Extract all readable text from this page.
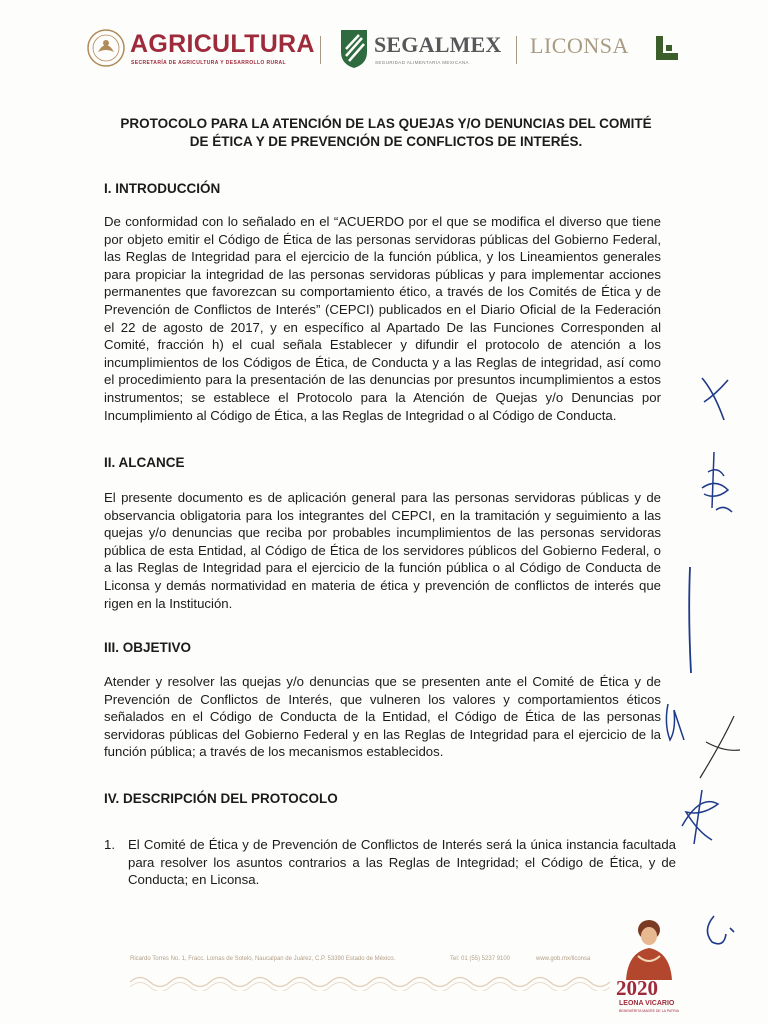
AGRICULTURA
SECRETARÍA DE AGRICULTURA Y DESARROLLO RURAL
SEGALMEX
SEGURIDAD ALIMENTARIA MEXICANA
LICONSA
PROTOCOLO PARA LA ATENCIÓN DE LAS QUEJAS Y/O DENUNCIAS DEL COMITÉ
DE ÉTICA Y DE PREVENCIÓN DE CONFLICTOS DE INTERÉS.
I. INTRODUCCIÓN
De conformidad con lo señalado en el “ACUERDO por el que se modifica el diverso que tiene por objeto emitir el Código de Ética de las personas servidoras públicas del Gobierno Federal, las Reglas de Integridad para el ejercicio de la función pública, y los Lineamientos generales para propiciar la integridad de las personas servidoras públicas y para implementar acciones permanentes que favorezcan su comportamiento ético, a través de los Comités de Ética y de Prevención de Conflictos de Interés” (CEPCI) publicados en el Diario Oficial de la Federación el 22 de agosto de 2017, y en específico al Apartado De las Funciones Corresponden al Comité, fracción h) el cual señala Establecer y difundir el protocolo de atención a los incumplimientos de los Códigos de Ética, de Conducta y a las Reglas de integridad, así como el procedimiento para la presentación de las denuncias por presuntos incumplimientos a estos instrumentos; se establece el Protocolo para la Atención de Quejas y/o Denuncias por Incumplimiento al Código de Ética, a las Reglas de Integridad o al Código de Conducta.
II. ALCANCE
El presente documento es de aplicación general para las personas servidoras públicas y de observancia obligatoria para los integrantes del CEPCI, en la tramitación y seguimiento a las quejas y/o denuncias que reciba por probables incumplimientos de las personas servidoras pública de esta Entidad, al Código de Ética de los servidores públicos del Gobierno Federal, o a las Reglas de Integridad para el ejercicio de la función pública o al Código de Conducta de Liconsa y demás normatividad en materia de ética y prevención de conflictos de interés que rigen en la Institución.
III. OBJETIVO
Atender y resolver las quejas y/o denuncias que se presenten ante el Comité de Ética y de Prevención de Conflictos de Interés, que vulneren los valores y comportamientos éticos señalados en el Código de Conducta de la Entidad, el Código de Ética de las personas servidoras públicas del Gobierno Federal y en las Reglas de Integridad para el ejercicio de la función pública; a través de los mecanismos establecidos.
IV. DESCRIPCIÓN DEL PROTOCOLO
1. El Comité de Ética y de Prevención de Conflictos de Interés será la única instancia facultada para resolver los asuntos contrarios a las Reglas de Integridad; el Código de Ética, y de Conducta; en Liconsa.
Ricardo Torres No. 1, Fracc. Lomas de Sotelo, Naucalpan de Juárez, C.P. 53390 Estado de México.	Tel: 01 (55) 5237 9100	www.gob.mx/liconsa
2020
LEONA VICARIO
BENEMÉRITA MADRE DE LA PATRIA
